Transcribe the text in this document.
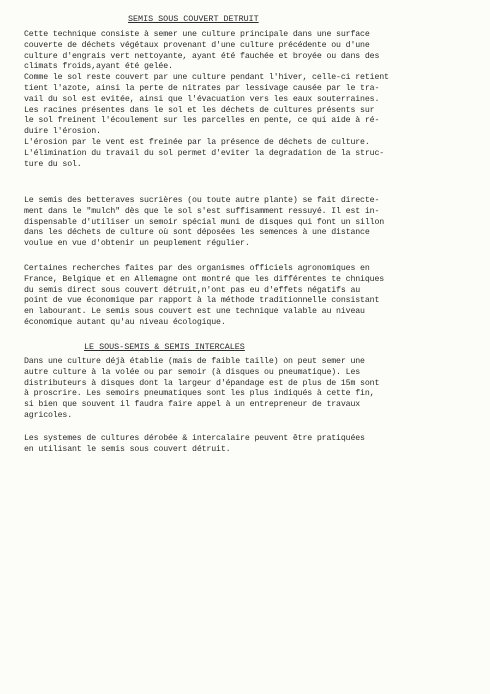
SEMIS SOUS COUVERT DETRUIT
Cette technique consiste à semer une culture principale dans une surface
couverte de déchets végétaux provenant d'une culture précédente ou d'une
culture d'engrais vert nettoyante, ayant été fauchée et broyée ou dans des
climats froids,ayant été gelée.
Comme le sol reste couvert par une culture pendant l'hiver, celle-ci retient
tient l'azote, ainsi la perte de nitrates par lessivage causée par le tra-
vail du sol est evitée, ainsi que l'évacuation vers les eaux souterraines.
Les racines présentes dans le sol et les déchets de cultures présents sur
le sol freinent l'écoulement sur les parcelles en pente, ce qui aide à ré-
duire l'érosion.
L'érosion par le vent est freinée par la présence de déchets de culture.
L'élimination du travail du sol permet d'eviter la degradation de la struc-
ture du sol.
Le semis des betteraves sucrières (ou toute autre plante) se fait directe-
ment dans le "mulch" dès que le sol s'est suffisamment ressuyé. Il est in-
dispensable d'utiliser un semoir spécial muni de disques qui font un sillon
dans les déchets de culture où sont déposées les semences à une distance
voulue en vue d'obtenir un peuplement régulier.
Certaines recherches faites par des organismes officiels agronomiques en
France, Belgique et en Allemagne ont montré que les différentes te chniques
du semis direct sous couvert détruit,n'ont pas eu d'effets négatifs au
point de vue économique par rapport à la méthode traditionnelle consistant
en labourant. Le semis sous couvert est une technique valable au niveau
économique autant qu'au niveau écologique.
LE SOUS-SEMIS & SEMIS INTERCALES
Dans une culture déjà établie (mais de faible taille) on peut semer une
autre culture à la volée ou par semoir (à disques ou pneumatique). Les
distributeurs à disques dont la largeur d'épandage est de plus de 15m sont
à proscrire. Les semoirs pneumatiques sont les plus indiqués à cette fin,
si bien que souvent il faudra faire appel à un entrepreneur de travaux
agricoles.
Les systemes de cultures dérobée & intercalaire peuvent être pratiquées
en utilisant le semis sous couvert détruit.
